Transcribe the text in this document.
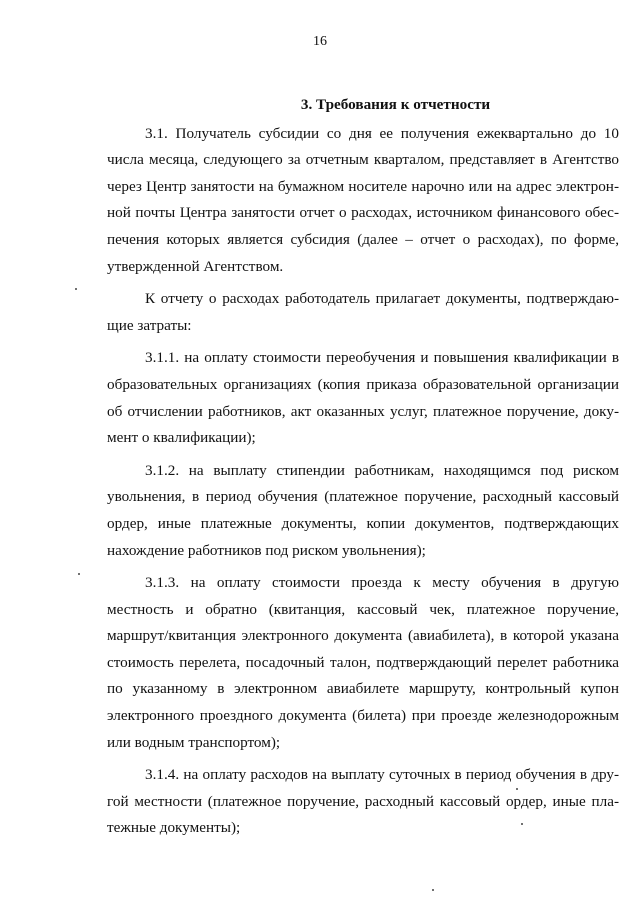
16
3. Требования к отчетности

3.1. Получатель субсидии со дня ее получения ежеквартально до 10 числа месяца, следующего за отчетным кварталом, представляет в Агентство через Центр занятости на бумажном носителе нарочно или на адрес электронной почты Центра занятости отчет о расходах, источником финансового обеспечения которых является субсидия (далее – отчет о расходах), по форме, утвержденной Агентством.

К отчету о расходах работодатель прилагает документы, подтверждающие затраты:

3.1.1. на оплату стоимости переобучения и повышения квалификации в образовательных организациях (копия приказа образовательной организации об отчислении работников, акт оказанных услуг, платежное поручение, документ о квалификации);

3.1.2. на выплату стипендии работникам, находящимся под риском увольнения, в период обучения (платежное поручение, расходный кассовый ордер, иные платежные документы, копии документов, подтверждающих нахождение работников под риском увольнения);

3.1.3. на оплату стоимости проезда к месту обучения в другую местность и обратно (квитанция, кассовый чек, платежное поручение, маршрут/квитанция электронного документа (авиабилета), в которой указана стоимость перелета, посадочный талон, подтверждающий перелет работника по указанному в электронном авиабилете маршруту, контрольный купон электронного проездного документа (билета) при проезде железнодорожным или водным транспортом);

3.1.4. на оплату расходов на выплату суточных в период обучения в другой местности (платежное поручение, расходный кассовый ордер, иные платежные документы);
